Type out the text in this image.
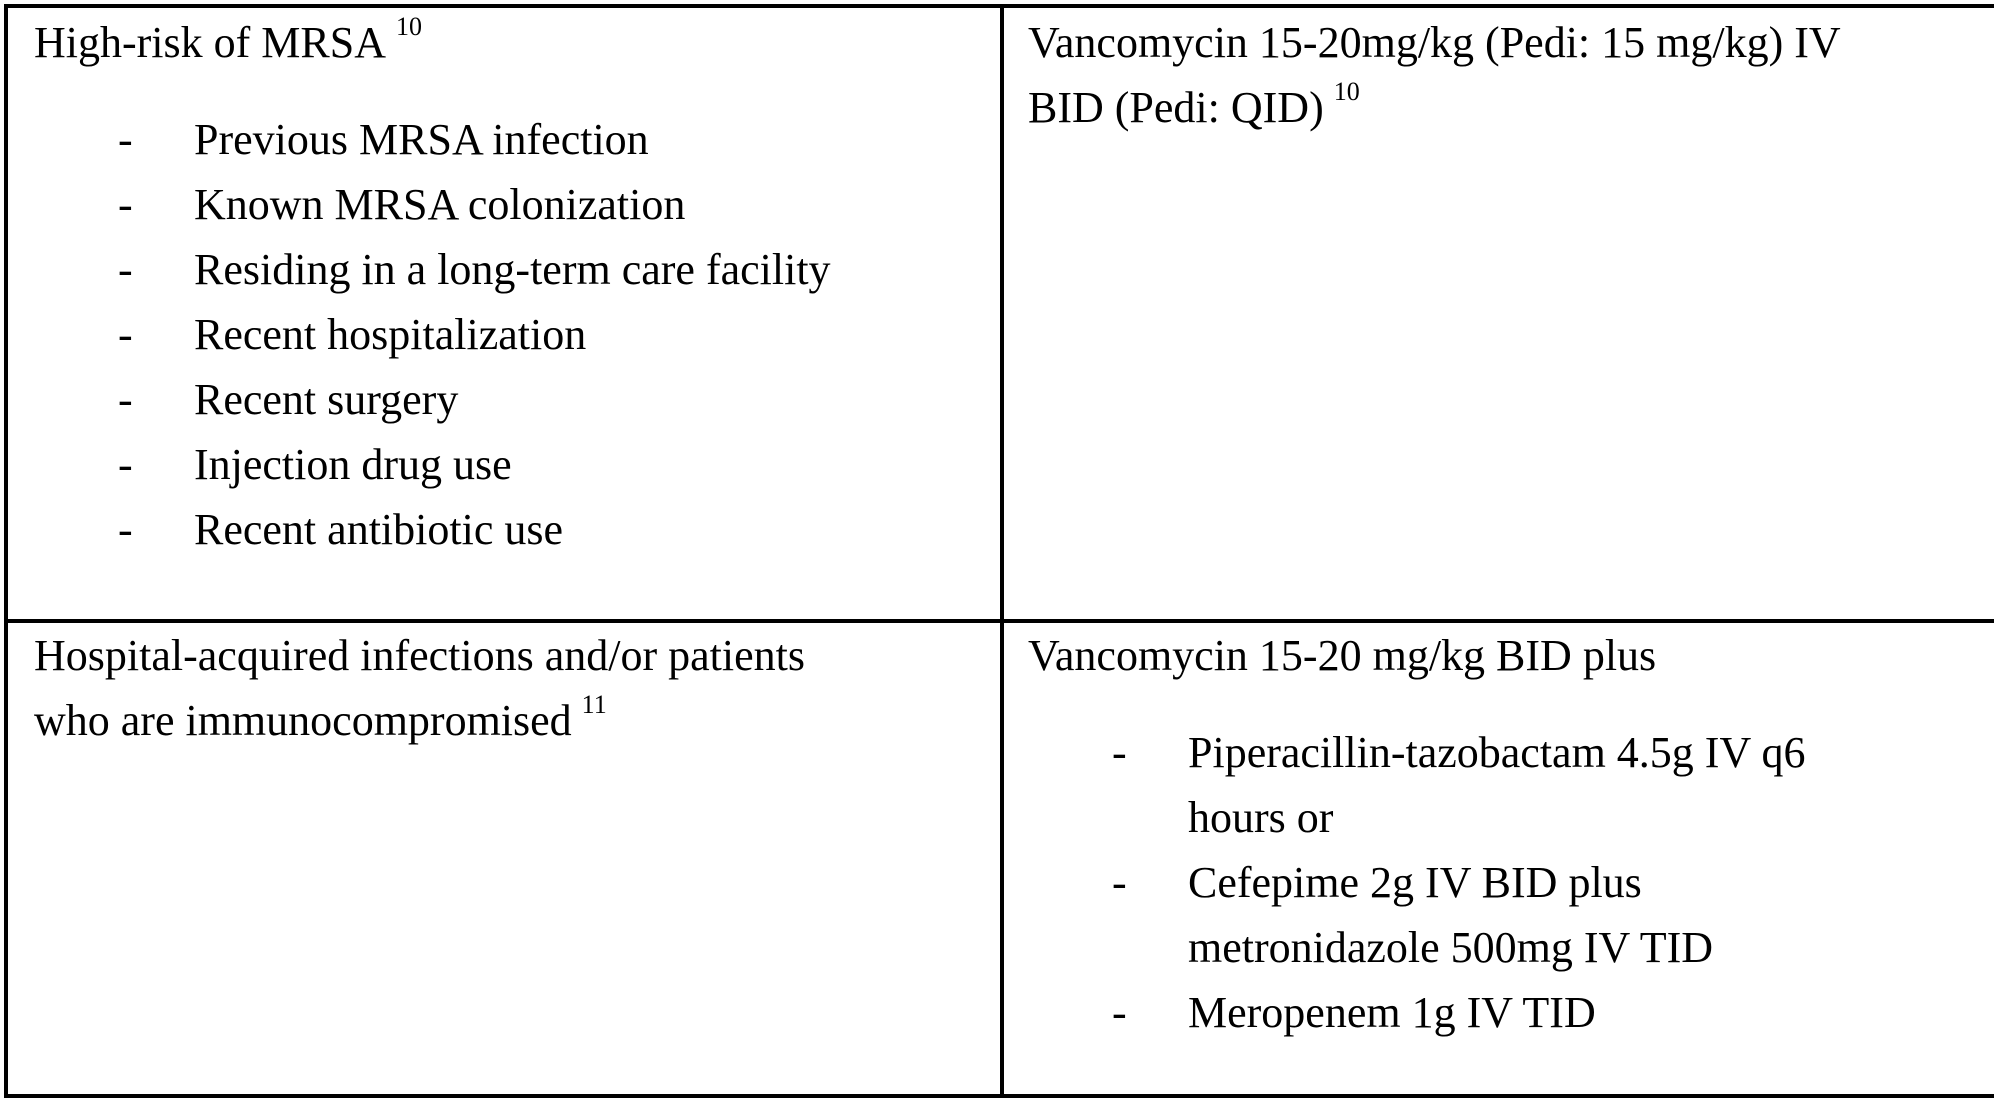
High-risk of MRSA $^{10}$
- Previous MRSA infection
- Known MRSA colonization
- Residing in a long-term care facility
- Recent hospitalization
- Recent surgery
- Injection drug use
- Recent antibiotic use
Vancomycin 15-20mg/kg (Pedi: 15 mg/kg) IV
BID (Pedi: QID) $^{10}$
Hospital-acquired infections and/or patients
who are immunocompromised $^{11}$
Vancomycin 15-20 mg/kg BID plus
- Piperacillin-tazobactam 4.5g IV q6
hours or
- Cefepime 2g IV BID plus
metronidazole 500mg IV TID
- Meropenem 1g IV TID
